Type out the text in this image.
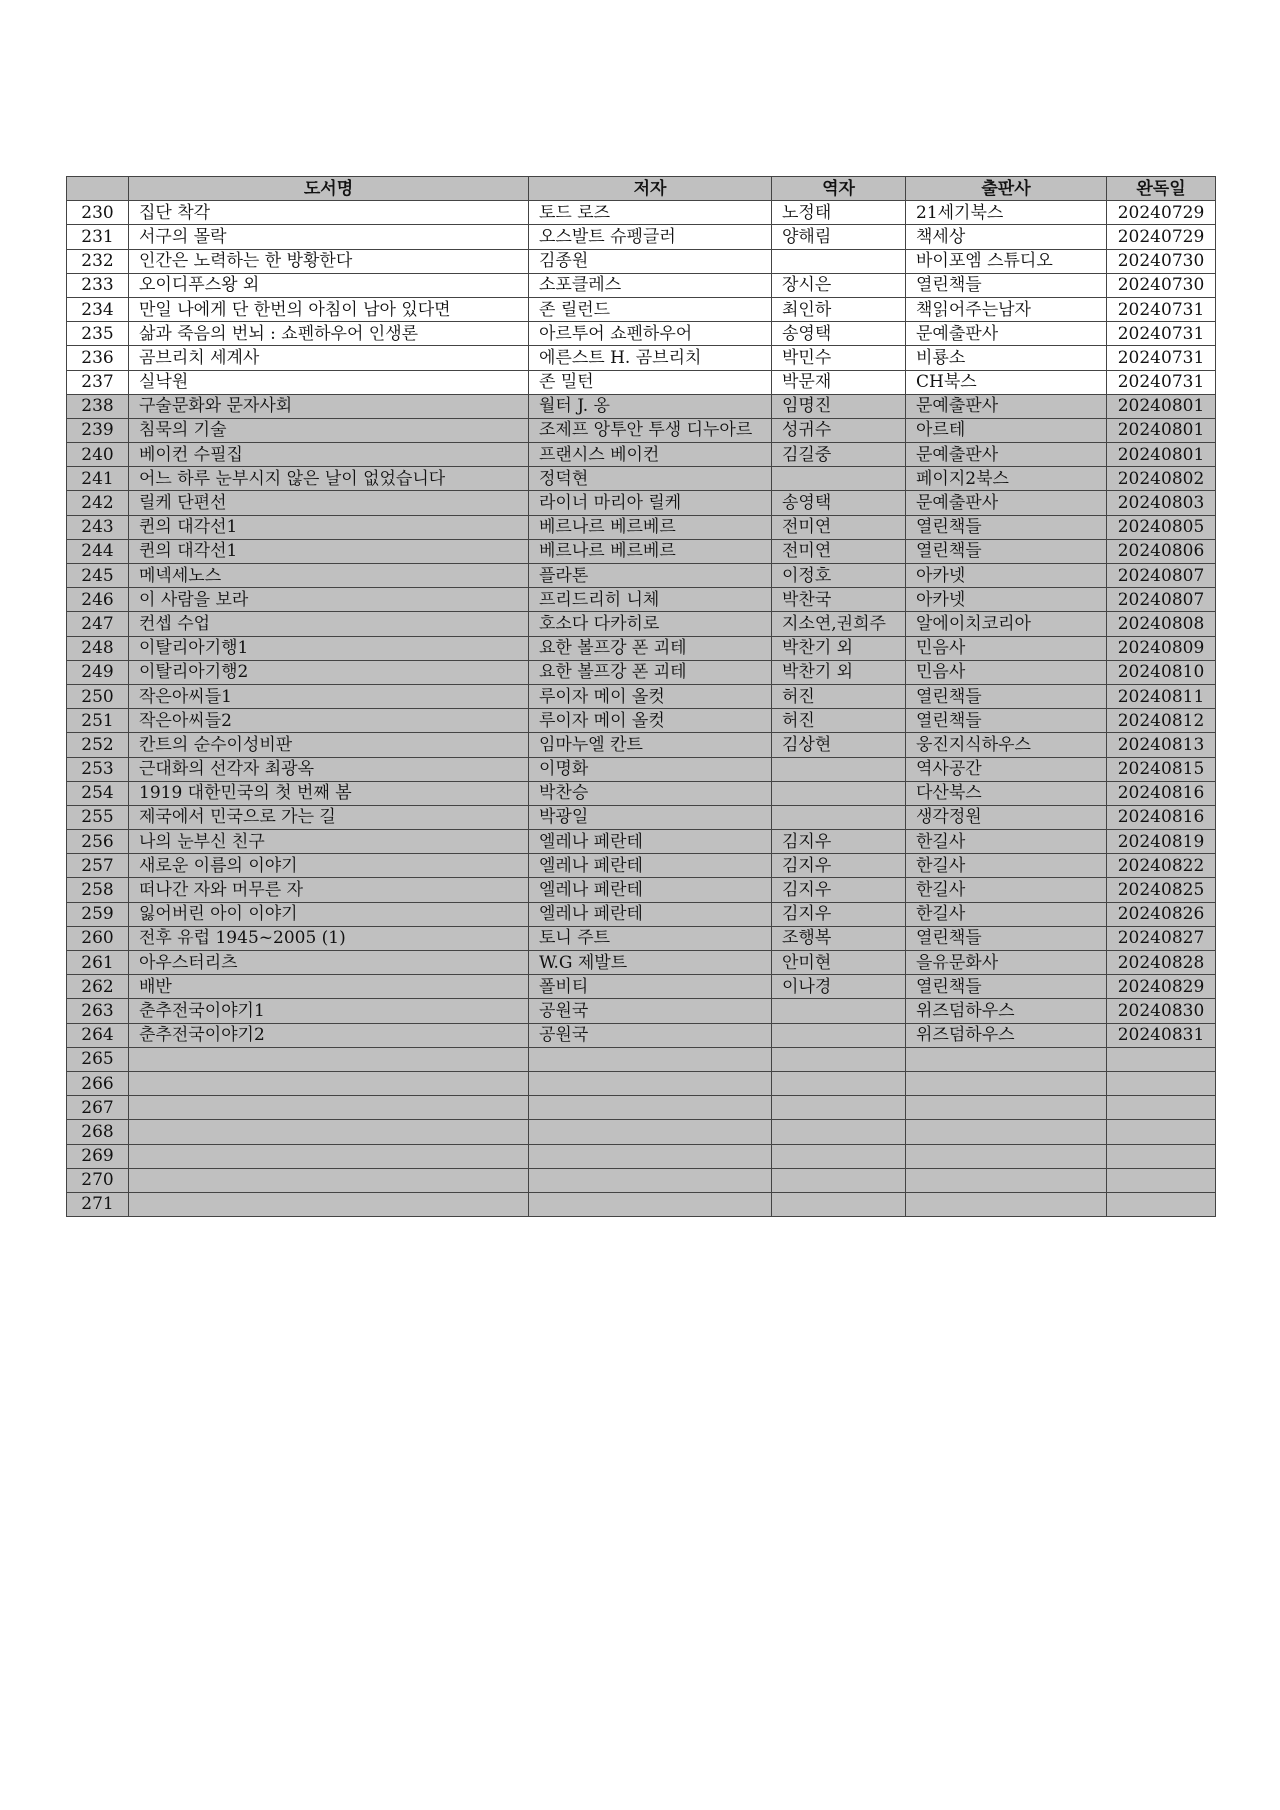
	도서명	저자	역자	출판사	완독일
230	집단 착각	토드 로즈	노정태	21세기북스	20240729
231	서구의 몰락	오스발트 슈펭글러	양해림	책세상	20240729
232	인간은 노력하는 한 방황한다	김종원		바이포엠 스튜디오	20240730
233	오이디푸스왕 외	소포클레스	장시은	열린책들	20240730
234	만일 나에게 단 한번의 아침이 남아 있다면	존 릴런드	최인하	책읽어주는남자	20240731
235	삶과 죽음의 번뇌 : 쇼펜하우어 인생론	아르투어 쇼펜하우어	송영택	문예출판사	20240731
236	곰브리치 세계사	에른스트 H. 곰브리치	박민수	비룡소	20240731
237	실낙원	존 밀턴	박문재	CH북스	20240731
238	구술문화와 문자사회	월터 J. 옹	임명진	문예출판사	20240801
239	침묵의 기술	조제프 앙투안 투생 디누아르	성귀수	아르테	20240801
240	베이컨 수필집	프랜시스 베이컨	김길중	문예출판사	20240801
241	어느 하루 눈부시지 않은 날이 없었습니다	정덕현		페이지2북스	20240802
242	릴케 단편선	라이너 마리아 릴케	송영택	문예출판사	20240803
243	퀸의 대각선1	베르나르 베르베르	전미연	열린책들	20240805
244	퀸의 대각선1	베르나르 베르베르	전미연	열린책들	20240806
245	메넥세노스	플라톤	이정호	아카넷	20240807
246	이 사람을 보라	프리드리히 니체	박찬국	아카넷	20240807
247	컨셉 수업	호소다 다카히로	지소연,권희주	알에이치코리아	20240808
248	이탈리아기행1	요한 볼프강 폰 괴테	박찬기 외	민음사	20240809
249	이탈리아기행2	요한 볼프강 폰 괴테	박찬기 외	민음사	20240810
250	작은아씨들1	루이자 메이 올컷	허진	열린책들	20240811
251	작은아씨들2	루이자 메이 올컷	허진	열린책들	20240812
252	칸트의 순수이성비판	임마누엘 칸트	김상현	웅진지식하우스	20240813
253	근대화의 선각자 최광옥	이명화		역사공간	20240815
254	1919 대한민국의 첫 번째 봄	박찬승		다산북스	20240816
255	제국에서 민국으로 가는 길	박광일		생각정원	20240816
256	나의 눈부신 친구	엘레나 페란테	김지우	한길사	20240819
257	새로운 이름의 이야기	엘레나 페란테	김지우	한길사	20240822
258	떠나간 자와 머무른 자	엘레나 페란테	김지우	한길사	20240825
259	잃어버린 아이 이야기	엘레나 페란테	김지우	한길사	20240826
260	전후 유럽 1945~2005 (1)	토니 주트	조행복	열린책들	20240827
261	아우스터리츠	W.G 제발트	안미현	을유문화사	20240828
262	배반	폴비티	이나경	열린책들	20240829
263	춘추전국이야기1	공원국		위즈덤하우스	20240830
264	춘추전국이야기2	공원국		위즈덤하우스	20240831
265					
266					
267					
268					
269					
270					
271					
